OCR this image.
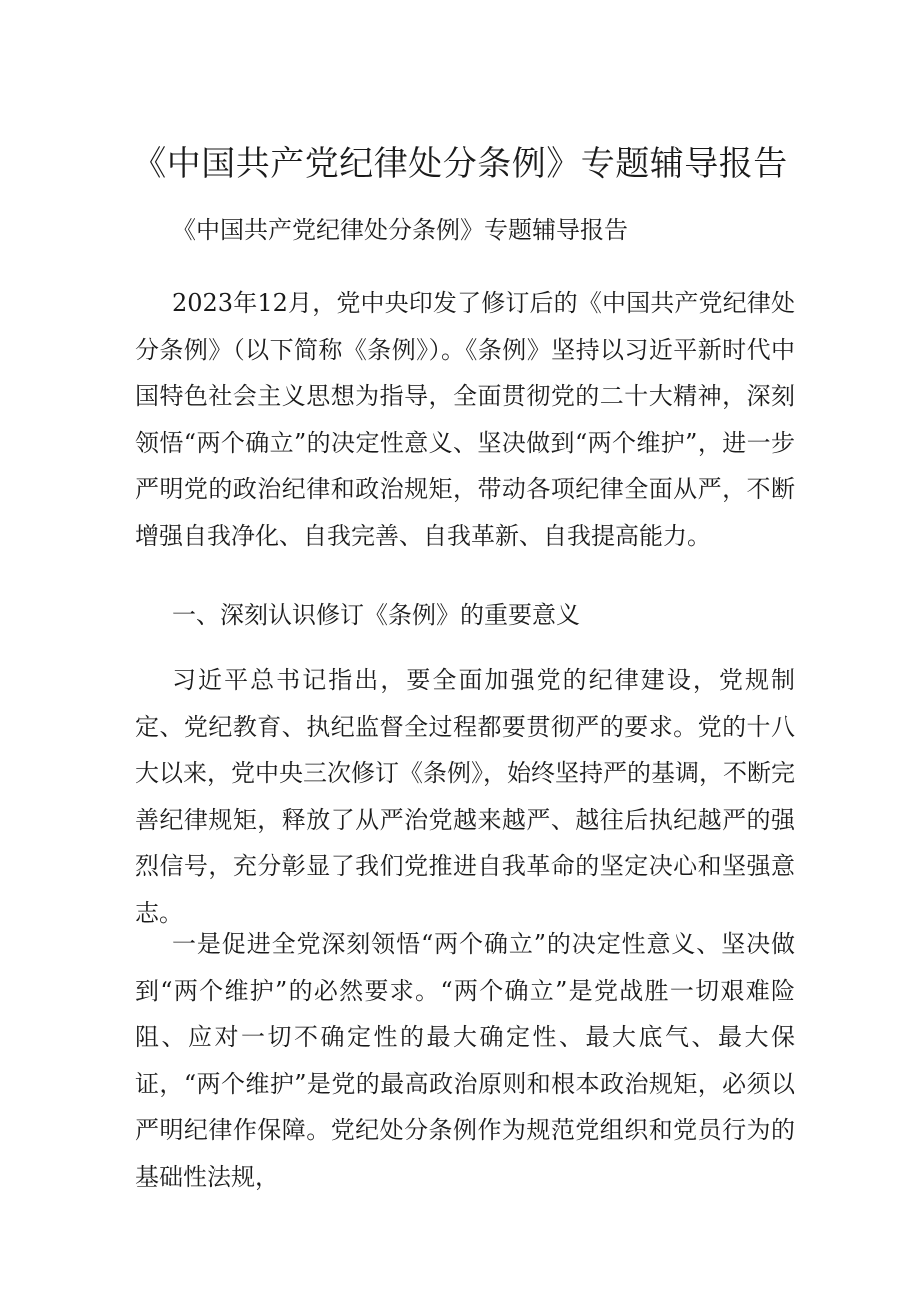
《中国共产党纪律处分条例》专题辅导报告

《中国共产党纪律处分条例》专题辅导报告

2023年12月，党中央印发了修订后的《中国共产党纪律处分条例》（以下简称《条例》）。《条例》坚持以习近平新时代中国特色社会主义思想为指导，全面贯彻党的二十大精神，深刻领悟“两个确立”的决定性意义、坚决做到“两个维护”，进一步严明党的政治纪律和政治规矩，带动各项纪律全面从严，不断增强自我净化、自我完善、自我革新、自我提高能力。

一、深刻认识修订《条例》的重要意义

习近平总书记指出，要全面加强党的纪律建设，党规制定、党纪教育、执纪监督全过程都要贯彻严的要求。党的十八大以来，党中央三次修订《条例》，始终坚持严的基调，不断完善纪律规矩，释放了从严治党越来越严、越往后执纪越严的强烈信号，充分彰显了我们党推进自我革命的坚定决心和坚强意志。

一是促进全党深刻领悟“两个确立”的决定性意义、坚决做到“两个维护”的必然要求。“两个确立”是党战胜一切艰难险阻、应对一切不确定性的最大确定性、最大底气、最大保证，“两个维护”是党的最高政治原则和根本政治规矩，必须以严明纪律作保障。党纪处分条例作为规范党组织和党员行为的基础性法规，
